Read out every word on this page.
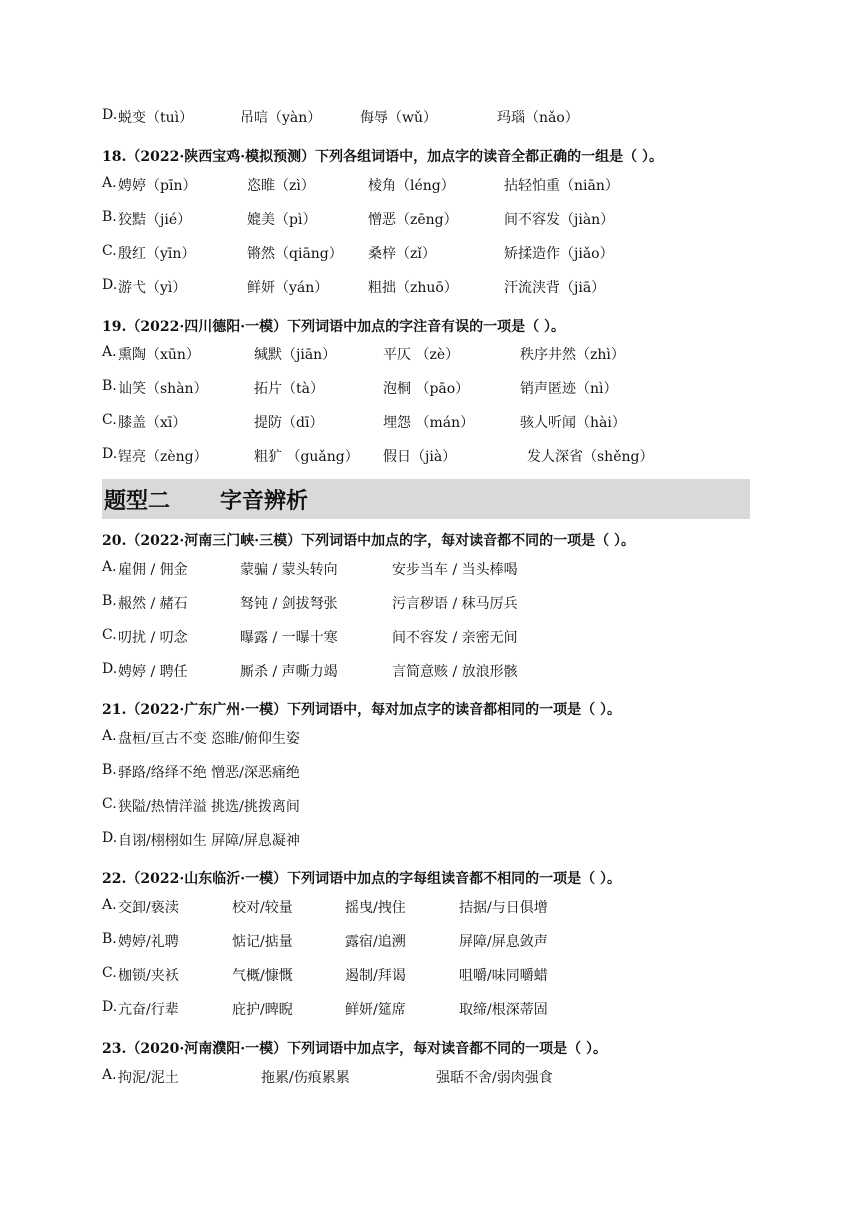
D. 蜕变（tuì）	吊唁（yàn）	侮辱（wǔ）	玛瑙（nǎo）
18.（2022·陕西宝鸡·模拟预测）下列各组词语中，加点字的读音全都正确的一组是（ ）。
A. 娉婷（pīn）	恣睢（zì）	棱角（léng）	拈轻怕重（niān）
B. 狡黠（jié）	媲美（pì）	憎恶（zēng）	间不容发（jiàn）
C. 殷红（yīn）	锵然（qiāng） 桑梓（zǐ）	矫揉造作（jiǎo）
D. 游弋（yì）	鲜妍（yán）	粗拙（zhuō）	汗流浃背（jiā）
19.（2022·四川德阳·一模）下列词语中加点的字注音有误的一项是（ ）。
A. 熏陶（xūn）	缄默（jiān）	平仄 （zè）	秩序井然（zhì）
B. 讪笑（shàn）	拓片（tà）	泡桐 （pāo）	销声匿迹（nì）
C. 膝盖（xī）	提防（dī）	埋怨 （mán）	骇人听闻（hài）
D. 锃亮（zèng）	粗犷 （guǎng） 假日（jià）	发人深省（shěng）
题型二 字音辨析
20.（2022·河南三门峡·三模）下列词语中加点的字，每对读音都不同的一项是（ ）。
A. 雇佣 / 佣金	蒙骗 / 蒙头转向	安步当车 / 当头棒喝
B. 赧然 / 赭石	驽钝 / 剑拔弩张	污言秽语 / 秣马厉兵
C. 叨扰 / 叨念	曝露 / 一曝十寒	间不容发 / 亲密无间
D. 娉婷 / 聘任	厮杀 / 声嘶力竭	言简意赅 / 放浪形骸
21.（2022·广东广州·一模）下列词语中，每对加点字的读音都相同的一项是（ ）。
A. 盘桓/亘古不变 恣睢/俯仰生姿
B. 驿路/络绎不绝 憎恶/深恶痛绝
C. 狭隘/热情洋溢 挑选/挑拨离间
D. 自诩/栩栩如生 屏障/屏息凝神
22.（2022·山东临沂·一模）下列词语中加点的字每组读音都不相同的一项是（ ）。
A. 交卸/亵渎	校对/较量	摇曳/拽住	拮据/与日俱增
B. 娉婷/礼聘	惦记/掂量	露宿/追溯	屏障/屏息敛声
C. 枷锁/夹袄	气概/慷慨	遏制/拜谒	咀嚼/味同嚼蜡
D. 亢奋/行辈	庇护/睥睨	鲜妍/筵席	取缔/根深蒂固
23.（2020·河南濮阳·一模）下列词语中加点字，每对读音都不同的一项是（ ）。
A. 拘泥/泥土	拖累/伤痕累累	强聒不舍/弱肉强食
